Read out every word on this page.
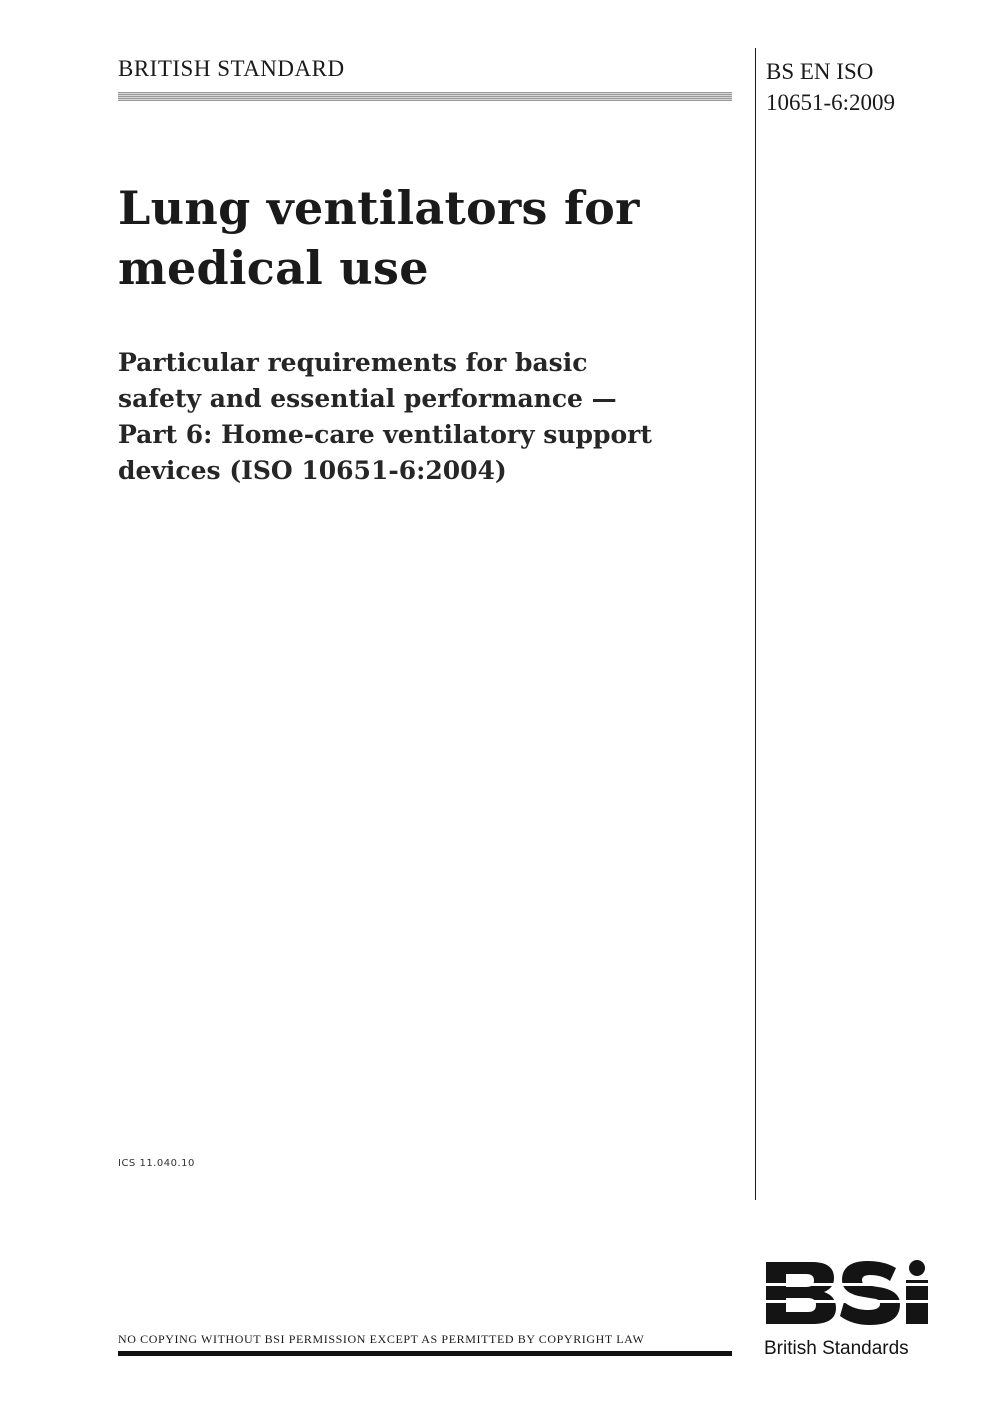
BRITISH STANDARD	BS EN ISO
10651-6:2009
Lung ventilators for
medical use
Particular requirements for basic
safety and essential performance —
Part 6: Home-care ventilatory support
devices (ISO 10651-6:2004)
ICS 11.040.10
NO COPYING WITHOUT BSI PERMISSION EXCEPT AS PERMITTED BY COPYRIGHT LAW	British Standards
